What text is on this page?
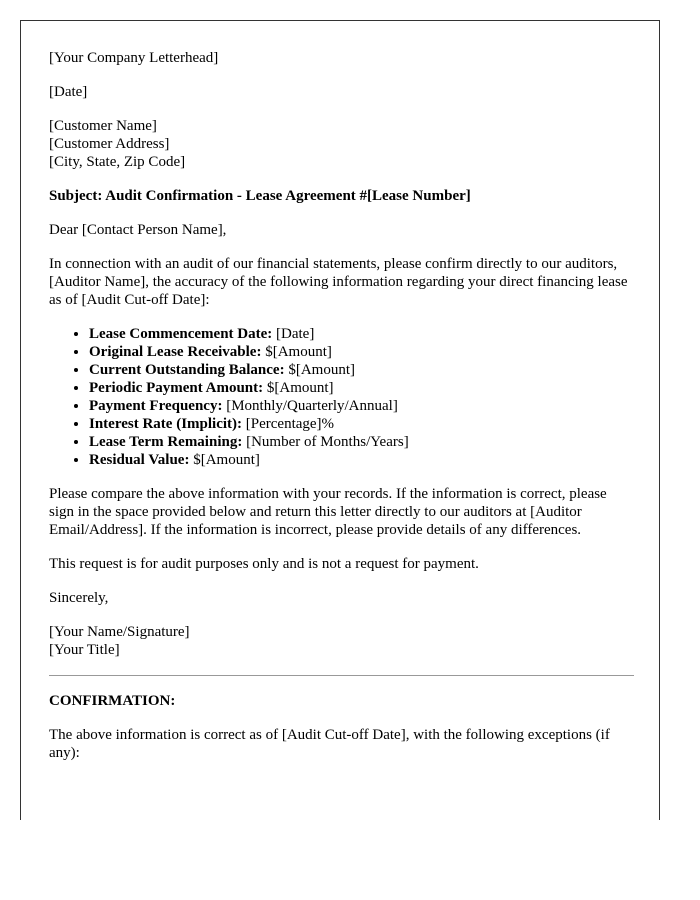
[Your Company Letterhead]

[Date]

[Customer Name]

[Customer Address]

[City, State, Zip Code]

Subject: Audit Confirmation - Lease Agreement #[Lease Number]

Dear [Contact Person Name],

In connection with an audit of our financial statements, please confirm directly to our auditors, [Auditor Name], the accuracy of the following information regarding your direct financing lease as of [Audit Cut-off Date]:

• Lease Commencement Date: [Date]
• Original Lease Receivable: $[Amount]
• Current Outstanding Balance: $[Amount]
• Periodic Payment Amount: $[Amount]
• Payment Frequency: [Monthly/Quarterly/Annual]
• Interest Rate (Implicit): [Percentage]%
• Lease Term Remaining: [Number of Months/Years]
• Residual Value: $[Amount]

Please compare the above information with your records. If the information is correct, please sign in the space provided below and return this letter directly to our auditors at [Auditor Email/Address]. If the information is incorrect, please provide details of any differences.

This request is for audit purposes only and is not a request for payment.

Sincerely,

[Your Name/Signature]

[Your Title]

CONFIRMATION:

The above information is correct as of [Audit Cut-off Date], with the following exceptions (if any):
